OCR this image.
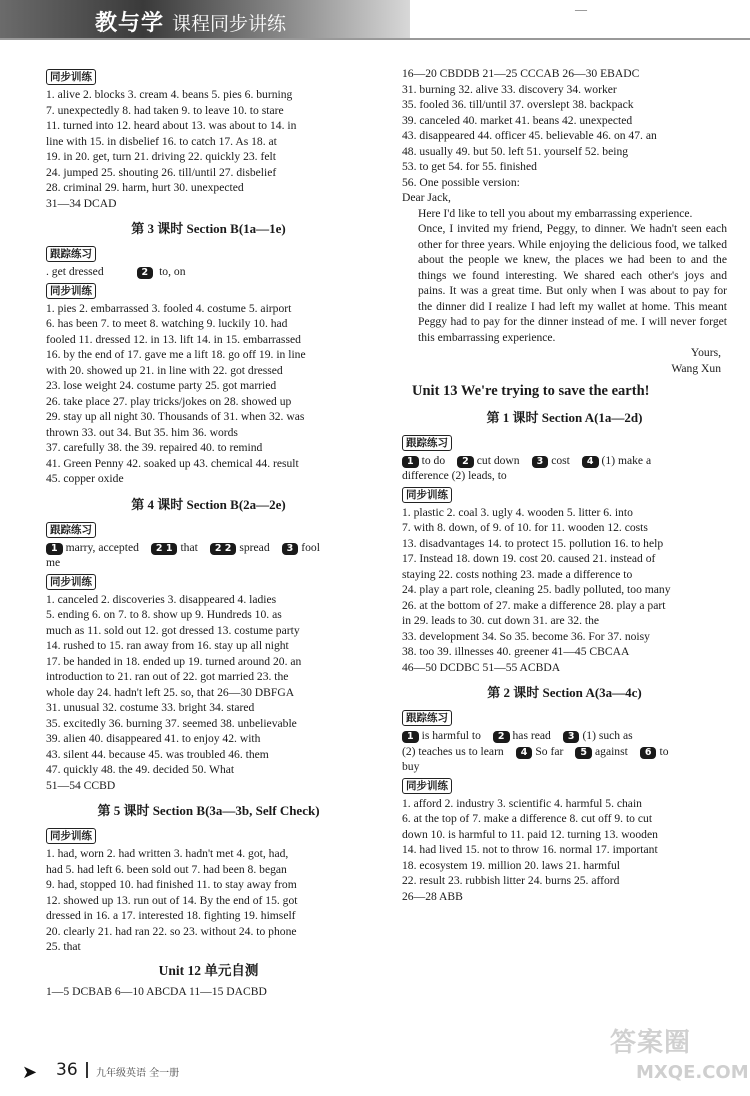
教与学 课程同步讲练
—
同步训练
1. alive 2. blocks 3. cream 4. beans 5. pies 6. burning
7. unexpectedly 8. had taken 9. to leave 10. to stare
11. turned into 12. heard about 13. was about to 14. in
line with 15. in disbelief 16. to catch 17. As 18. at
19. in 20. get, turn 21. driving 22. quickly 23. felt
24. jumped 25. shouting 26. till/until 27. disbelief
28. criminal 29. harm, hurt 30. unexpected
31—34 DCAD
第 3 课时 Section B(1a—1e)
跟踪练习
. get dressed	2 to, on
同步训练
1. pies 2. embarrassed 3. fooled 4. costume 5. airport
6. has been 7. to meet 8. watching 9. luckily 10. had
fooled 11. dressed 12. in 13. lift 14. in 15. embarrassed
16. by the end of 17. gave me a lift 18. go off 19. in line
with 20. showed up 21. in line with 22. got dressed
23. lose weight 24. costume party 25. got married
26. take place 27. play tricks/jokes on 28. showed up
29. stay up all night 30. Thousands of 31. when 32. was
thrown 33. out 34. But 35. him 36. words
37. carefully 38. the 39. repaired 40. to remind
41. Green Penny 42. soaked up 43. chemical 44. result
45. copper oxide
第 4 课时 Section B(2a—2e)
跟踪练习
1 marry, accepted 2 1 that 2 2 spread 3 fool
me
同步训练
1. canceled 2. discoveries 3. disappeared 4. ladies
5. ending 6. on 7. to 8. show up 9. Hundreds 10. as
much as 11. sold out 12. got dressed 13. costume party
14. rushed to 15. ran away from 16. stay up all night
17. be handed in 18. ended up 19. turned around 20. an
introduction to 21. ran out of 22. got married 23. the
whole day 24. hadn't left 25. so, that 26—30 DBFGA
31. unusual 32. costume 33. bright 34. stared
35. excitedly 36. burning 37. seemed 38. unbelievable
39. alien 40. disappeared 41. to enjoy 42. with
43. silent 44. because 45. was troubled 46. them
47. quickly 48. the 49. decided 50. What
51—54 CCBD
第 5 课时 Section B(3a—3b, Self Check)
同步训练
1. had, worn 2. had written 3. hadn't met 4. got, had,
had 5. had left 6. been sold out 7. had been 8. began
9. had, stopped 10. had finished 11. to stay away from
12. showed up 13. run out of 14. By the end of 15. got
dressed in 16. a 17. interested 18. fighting 19. himself
20. clearly 21. had ran 22. so 23. without 24. to phone
25. that
Unit 12 单元自测
1—5 DCBAB 6—10 ABCDA 11—15 DACBD
16—20 CBDDB 21—25 CCCAB 26—30 EBADC
31. burning 32. alive 33. discovery 34. worker
35. fooled 36. till/until 37. overslept 38. backpack
39. canceled 40. market 41. beans 42. unexpected
43. disappeared 44. officer 45. believable 46. on 47. an
48. usually 49. but 50. left 51. yourself 52. being
53. to get 54. for 55. finished
56. One possible version:
Dear Jack,
Here I'd like to tell you about my embarrassing experience.
Once, I invited my friend, Peggy, to dinner. We hadn't seen each other for three years. While enjoying the delicious food, we talked about the people we knew, the places we had been to and the things we found interesting. We shared each other's joys and pains. It was a great time. But only when I was about to pay for the dinner did I realize I had left my wallet at home. This meant Peggy had to pay for the dinner instead of me. I will never forget this embarrassing experience.
Yours,
Wang Xun
Unit 13 We're trying to save the earth!
第 1 课时 Section A(1a—2d)
跟踪练习
1 to do 2 cut down 3 cost 4 (1) make a
difference (2) leads, to
同步训练
1. plastic 2. coal 3. ugly 4. wooden 5. litter 6. into
7. with 8. down, of 9. of 10. for 11. wooden 12. costs
13. disadvantages 14. to protect 15. pollution 16. to help
17. Instead 18. down 19. cost 20. caused 21. instead of
staying 22. costs nothing 23. made a difference to
24. play a part role, cleaning 25. badly polluted, too many
26. at the bottom of 27. make a difference 28. play a part
in 29. leads to 30. cut down 31. are 32. the
33. development 34. So 35. become 36. For 37. noisy
38. too 39. illnesses 40. greener 41—45 CBCAA
46—50 DCDBC 51—55 ACBDA
第 2 课时 Section A(3a—4c)
跟踪练习
1 is harmful to 2 has read 3 (1) such as
(2) teaches us to learn 4 So far 5 against 6 to
buy
同步训练
1. afford 2. industry 3. scientific 4. harmful 5. chain
6. at the top of 7. make a difference 8. cut off 9. to cut
down 10. is harmful to 11. paid 12. turning 13. wooden
14. had lived 15. not to throw 16. normal 17. important
18. ecosystem 19. million 20. laws 21. harmful
22. result 23. rubbish litter 24. burns 25. afford
26—28 ABB
➤ 36 九年级英语 全一册
答案圈
MXQE.COM
